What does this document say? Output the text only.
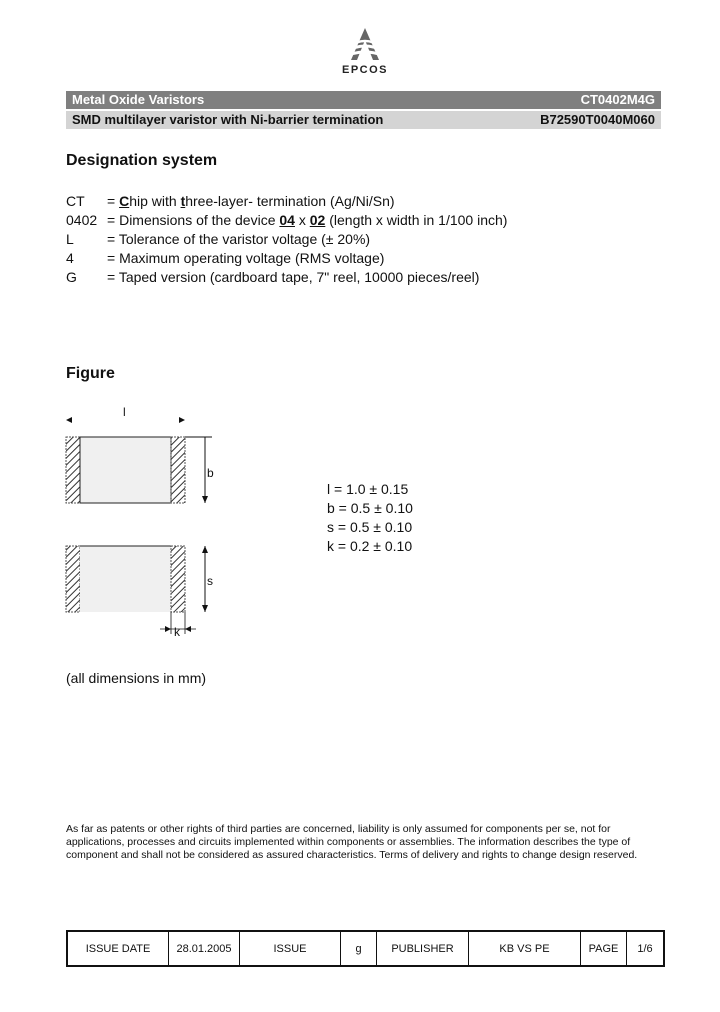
EPCOS
Metal Oxide Varistors	CT0402M4G
SMD multilayer varistor with Ni-barrier termination	B72590T0040M060
Designation system
CT	= Chip with three-layer- termination (Ag/Ni/Sn)
0402 = Dimensions of the device 04 x 02 (length x width in 1/100 inch)
L	= Tolerance of the varistor voltage (± 20%)
4	= Maximum operating voltage (RMS voltage)
G	= Taped version (cardboard tape, 7" reel, 10000 pieces/reel)
Figure
l
b
s
k
l = 1.0 ± 0.15
b = 0.5 ± 0.10
s = 0.5 ± 0.10
k = 0.2 ± 0.10
(all dimensions in mm)
As far as patents or other rights of third parties are concerned, liability is only assumed for components per se, not for applications, processes and circuits implemented within components or assemblies. The information describes the type of component and shall not be considered as assured characteristics. Terms of delivery and rights to change design reserved.
ISSUE DATE	28.01.2005	ISSUE	g	PUBLISHER	KB VS PE	PAGE	1/6
